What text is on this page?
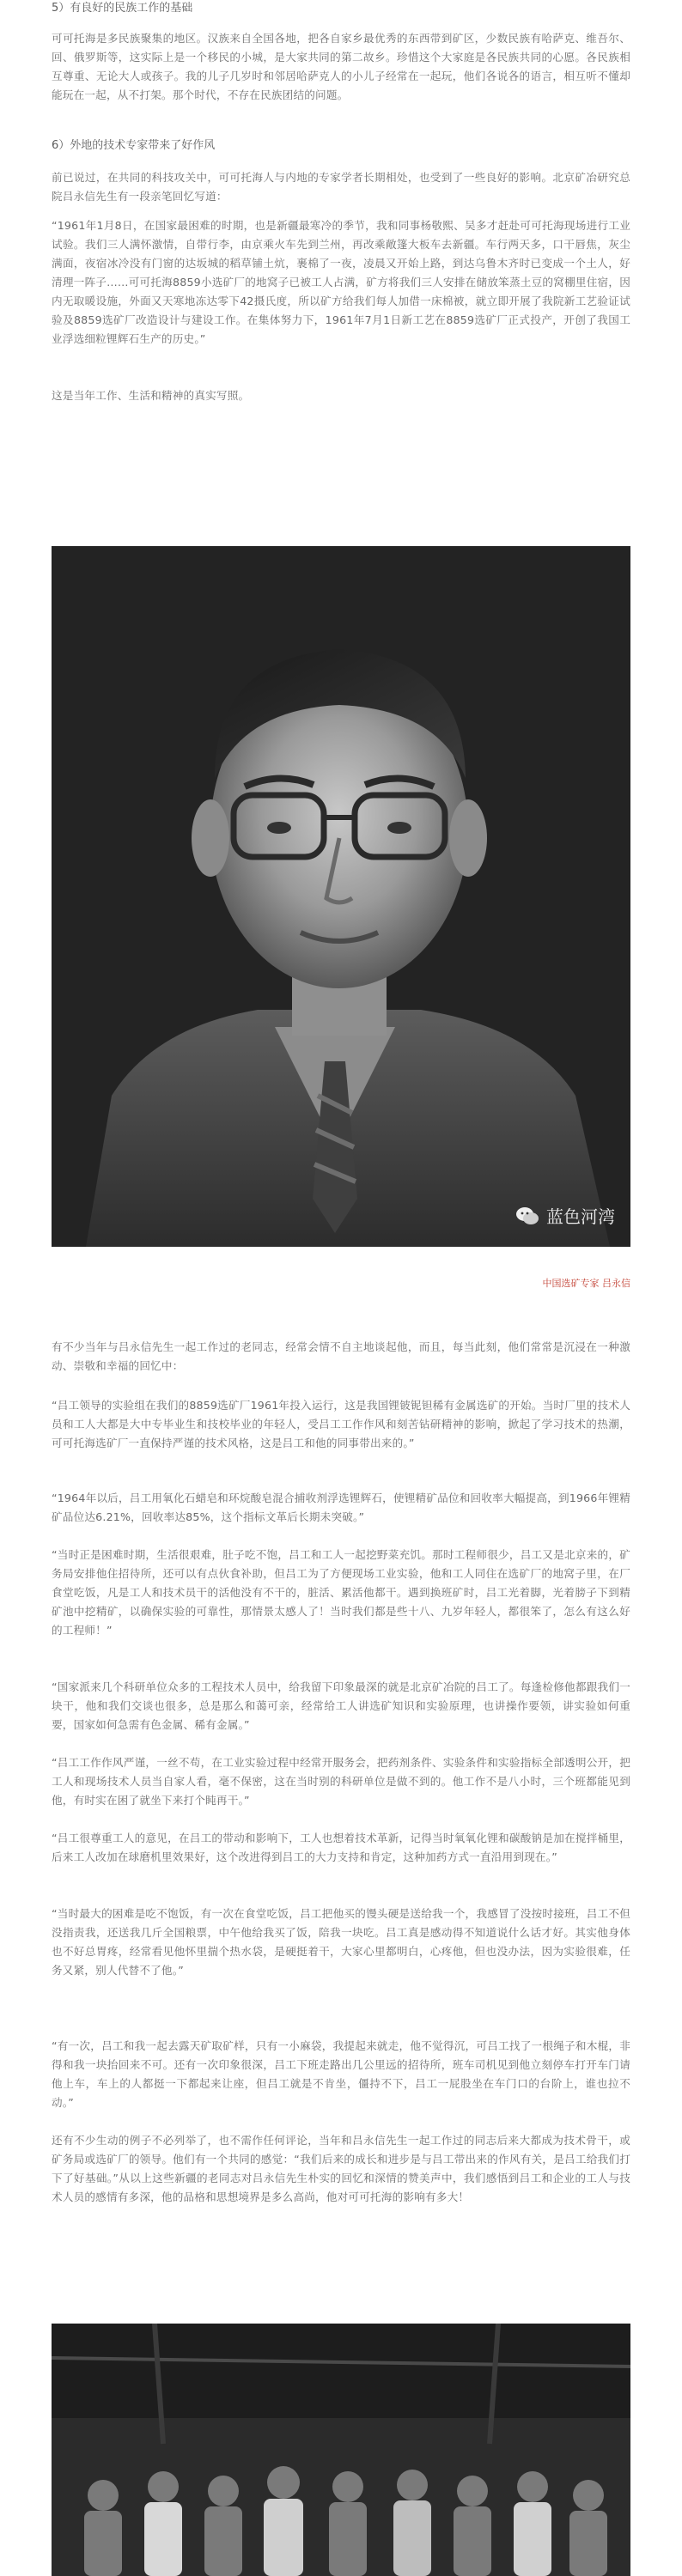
5）有良好的民族工作的基础

可可托海是多民族聚集的地区。汉族来自全国各地，把各自家乡最优秀的东西带到矿区，少数民族有哈萨克、维吾尔、回、俄罗斯等，这实际上是一个移民的小城，是大家共同的第二故乡。珍惜这个大家庭是各民族共同的心愿。各民族相互尊重、无论大人或孩子。我的儿子几岁时和邻居哈萨克人的小儿子经常在一起玩，他们各说各的语言，相互听不懂却能玩在一起，从不打架。那个时代，不存在民族团结的问题。

6）外地的技术专家带来了好作风

前已说过，在共同的科技攻关中，可可托海人与内地的专家学者长期相处，也受到了一些良好的影响。北京矿冶研究总院吕永信先生有一段亲笔回忆写道：

“1961年1月8日，在国家最困难的时期，也是新疆最寒冷的季节，我和同事杨敬熙、吴多才赶赴可可托海现场进行工业试验。我们三人满怀激情，自带行李，由京乘火车先到兰州，再改乘敞篷大板车去新疆。车行两天多，口干唇焦，灰尘满面，夜宿冰冷没有门窗的达坂城的稻草铺土炕，裹棉了一夜，凌晨又开始上路，到达乌鲁木齐时已变成一个土人，好清理一阵子……可可托海8859小选矿厂的地窝子已被工人占满，矿方将我们三人安排在储放笨蒸土豆的窝棚里住宿，因内无取暖设施，外面又天寒地冻达零下42摄氏度，所以矿方给我们每人加借一床棉被，就立即开展了我院新工艺验证试验及8859选矿厂改造设计与建设工作。在集体努力下，1961年7月1日新工艺在8859选矿厂正式投产，开创了我国工业浮选细粒锂辉石生产的历史。”

这是当年工作、生活和精神的真实写照。

蓝色河湾
中国选矿专家 吕永信

有不少当年与吕永信先生一起工作过的老同志，经常会情不自主地谈起他，而且，每当此刻，他们常常是沉浸在一种激动、崇敬和幸福的回忆中：

“吕工领导的实验组在我们的8859选矿厂1961年投入运行，这是我国锂铍铌钽稀有金属选矿的开始。当时厂里的技术人员和工人大都是大中专毕业生和技校毕业的年轻人，受吕工工作作风和刻苦钻研精神的影响，掀起了学习技术的热潮，可可托海选矿厂一直保持严谨的技术风格，这是吕工和他的同事带出来的。”

“1964年以后，吕工用氧化石蜡皂和环烷酸皂混合捕收剂浮选锂辉石，使锂精矿品位和回收率大幅提高，到1966年锂精矿品位达6.21%，回收率达85%，这个指标文革后长期未突破。”

“当时正是困难时期，生活很艰难，肚子吃不饱，吕工和工人一起挖野菜充饥。那时工程师很少，吕工又是北京来的，矿务局安排他住招待所，还可以有点伙食补助，但吕工为了方便现场工业实验，他和工人同住在选矿厂的地窝子里，在厂食堂吃饭，凡是工人和技术员干的活他没有不干的，脏活、累活他都干。遇到换班矿时，吕工光着脚，光着膀子下到精矿池中挖精矿，以确保实验的可靠性，那情景太感人了！当时我们都是些十八、九岁年轻人，都很笨了，怎么有这么好的工程师！”

“国家派来几个科研单位众多的工程技术人员中，给我留下印象最深的就是北京矿冶院的吕工了。每逢检修他都跟我们一块干，他和我们交谈也很多，总是那么和蔼可亲，经常给工人讲选矿知识和实验原理，也讲操作要领，讲实验如何重要，国家如何急需有色金属、稀有金属。”

“吕工工作作风严谨，一丝不苟，在工业实验过程中经常开服务会，把药剂条件、实验条件和实验指标全部透明公开，把工人和现场技术人员当自家人看，毫不保密，这在当时别的科研单位是做不到的。他工作不是八小时，三个班都能见到他，有时实在困了就坐下来打个盹再干。”

“吕工很尊重工人的意见，在吕工的带动和影响下，工人也想着技术革新，记得当时氧氧化锂和碳酸钠是加在搅拌桶里，后来工人改加在球磨机里效果好，这个改进得到吕工的大力支持和肯定，这种加药方式一直沿用到现在。”

“当时最大的困难是吃不饱饭，有一次在食堂吃饭，吕工把他买的馒头硬是送给我一个，我感冒了没按时接班，吕工不但没指责我，还送我几斤全国粮票，中午他给我买了饭，陪我一块吃。吕工真是感动得不知道说什么话才好。其实他身体也不好总胃疼，经常看见他怀里揣个热水袋，是硬挺着干，大家心里都明白，心疼他，但也没办法，因为实验很难，任务又紧，别人代替不了他。”

“有一次，吕工和我一起去露天矿取矿样，只有一小麻袋，我提起来就走，他不觉得沉，可吕工找了一根绳子和木棍，非得和我一块抬回来不可。还有一次印象很深，吕工下班走路出几公里远的招待所，班车司机见到他立刻停车打开车门请他上车，车上的人都挺一下都起来让座，但吕工就是不肯坐，僵持不下，吕工一屁股坐在车门口的台阶上，谁也拉不动。”

还有不少生动的例子不必列举了，也不需作任何评论，当年和吕永信先生一起工作过的同志后来大都成为技术骨干，或矿务局或选矿厂的领导。他们有一个共同的感觉：“我们后来的成长和进步是与吕工带出来的作风有关，是吕工给我们打下了好基础。”从以上这些新疆的老同志对吕永信先生朴实的回忆和深情的赞美声中，我们感悟到吕工和企业的工人与技术人员的感情有多深，他的品格和思想境界是多么高尚，他对可可托海的影响有多大！
